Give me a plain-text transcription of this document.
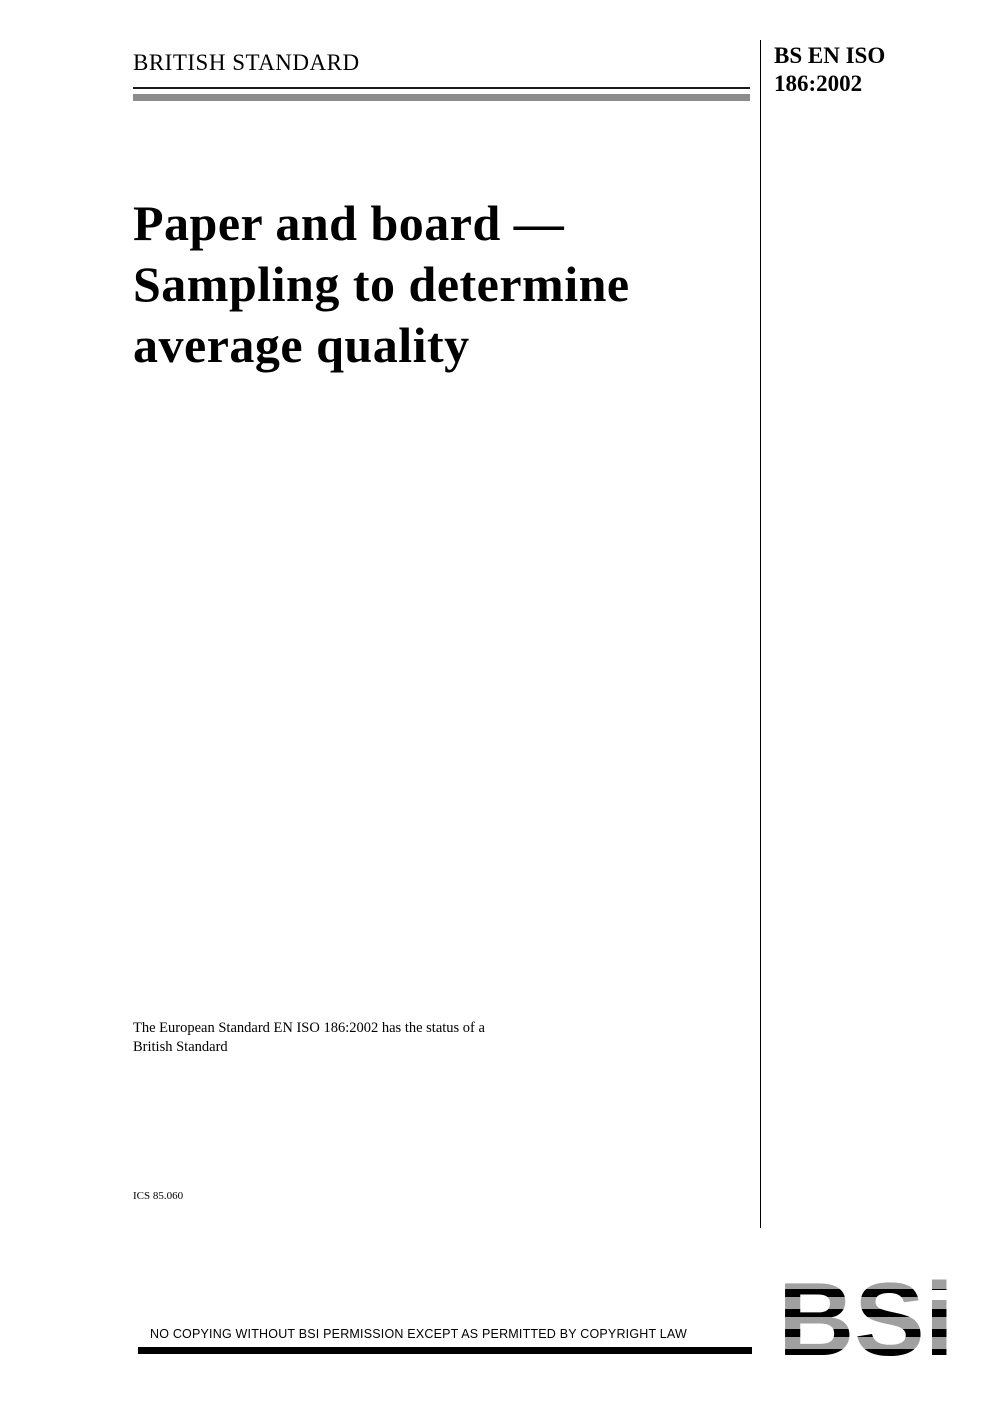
BRITISH STANDARD	BS EN ISO
186:2002
Paper and board —
Sampling to determine
average quality
The European Standard EN ISO 186:2002 has the status of a
British Standard
ICS 85.060
NO COPYING WITHOUT BSI PERMISSION EXCEPT AS PERMITTED BY COPYRIGHT LAW
